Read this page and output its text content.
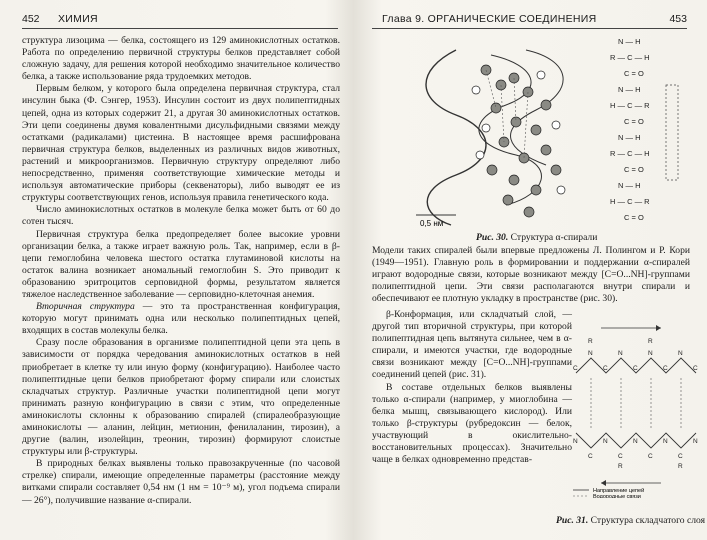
452 ХИМИЯ

структура лизоцима — белка, состоящего из 129 аминокислотных остатков. Работа по определению первичной структуры белков представляет собой сложную задачу, для решения которой необходимо значительное количество белка, а также использование ряда трудоемких методов.

Первым белком, у которого была определена первичная структура, стал инсулин быка (Ф. Сэнгер, 1953). Инсулин состоит из двух полипептидных цепей, одна из которых содержит 21, а другая 30 аминокислотных остатков. Эти цепи соединены двумя ковалентными дисульфидными связями между остатками (радикалами) цистеина. В настоящее время расшифрована первичная структура белков, выделенных из различных видов животных, растений и микроорганизмов. Первичную структуру определяют либо непосредственно, применяя соответствующие химические методы и используя автоматические приборы (секвенаторы), либо выводят ее из структуры соответствующих генов, используя правила генетического кода.

Число аминокислотных остатков в молекуле белка может быть от 60 до сотен тысяч.

Первичная структура белка предопределяет более высокие уровни организации белка, а также играет важную роль. Так, например, если в β-цепи гемоглобина человека шестого остатка глутаминовой кислоты на остаток валина возникает аномальный гемоглобин S. Это приводит к образованию эритроцитов серповидной формы, результатом является тяжелое наследственное заболевание — серповидно-клеточная анемия.

Вторичная структура — это та пространственная конфигурация, которую могут принимать одна или несколько полипептидных цепей, входящих в состав молекулы белка.

Сразу после образования в организме полипептидной цепи эта цепь в зависимости от порядка чередования аминокислотных остатков в ней приобретает в клетке ту или иную форму (конфигурацию). Наиболее часто полипептидные цепи белков приобретают форму спирали или слоистых складчатых структур. Различные участки полипептидной цепи могут принимать разную конфигурацию в связи с этим, что определенные аминокислоты склонны к образованию спиралей (спиралеобразующие аминокислоты — аланин, лейцин, метионин, фенилаланин, тирозин), а другие (валин, изолейцин, треонин, тирозин) формируют слоистые структуры или β-структуры.

В природных белках выявлены только правозакрученные (по часовой стрелке) спирали, имеющие определенные параметры (расстояние между витками спирали составляет 0,54 нм (1 нм = 10⁻⁹ м), угол подъема спирали — 26°), получившие название α-спирали.

Глава 9. ОРГАНИЧЕСКИЕ СОЕДИНЕНИЯ	453
0,5 нм
N — H
R — C — H
C = O
N — H
H — C — R
C = O
N — H
R — C — H
C = O
N — H
H — C — R
C = O
Рис. 30. Структура α-спирали

Модели таких спиралей были впервые предложены Л. Полингом и Р. Кори (1949—1951). Главную роль в формировании и поддержании α-спиралей играют водородные связи, которые возникают между [C=O...NH]-группами полипептидной цепи. Эти связи располагаются внутри спирали и обеспечивают ее плотную укладку в пространстве (рис. 30).

β-Конформация, или складчатый слой, — другой тип вторичной структуры, при которой полипептидная цепь вытянута сильнее, чем в α-спирали, и имеются участки, где водородные связи возникают между [C=O...NH]-группами соединений цепей (рис. 31).

В составе отдельных белков выявлены только α-спирали (например, у миоглобина — белка мышц, связывающего кислород). Или только β-структуры (рубредоксин — белок, участвующий в окислительно-восстановительных процессах). Значительно чаще в белках одновременно представ-

C
N
C
N
C
N
C
N
C
N
C
N
C
N
C
N
C
N
R	R
R	R
Направление цепей
Водородные связи
Рис. 31. Структура складчатого слоя
